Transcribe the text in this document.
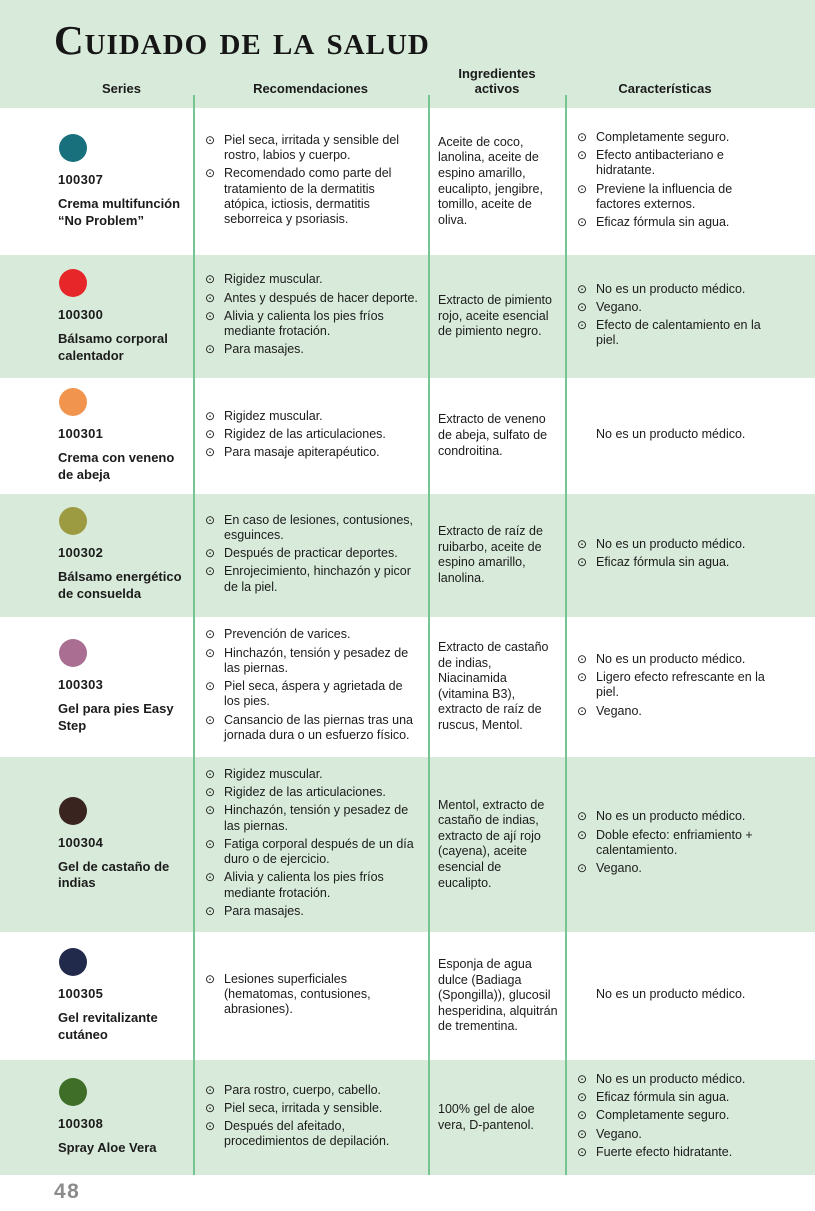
Cuidado de la salud
Series	Recomendaciones
Ingredientes activos	Características
100307
Crema multifunción “No Problem”
⊙ Piel seca, irritada y sensible del rostro, labios y cuerpo.
⊙ Recomendado como parte del tratamiento de la dermatitis atópica, ictiosis, dermatitis seborreica y psoriasis.

Aceite de coco, lanolina, aceite de espino amarillo, eucalipto, jengibre, tomillo, aceite de oliva.

⊙ Completamente seguro.
⊙ Efecto antibacteriano e hidratante.
⊙ Previene la influencia de factores externos.
⊙ Eficaz fórmula sin agua.
100300
Bálsamo corporal calentador
⊙ Rigidez muscular.
⊙ Antes y después de hacer deporte.
⊙ Alivia y calienta los pies fríos mediante frotación.
⊙ Para masajes.

Extracto de pimiento rojo, aceite esencial de pimiento negro.

⊙ No es un producto médico.
⊙ Vegano.
⊙ Efecto de calentamiento en la piel.
100301
Crema con veneno de abeja
⊙ Rigidez muscular.
⊙ Rigidez de las articulaciones.
⊙ Para masaje apiterapéutico.

Extracto de veneno de abeja, sulfato de condroitina.

No es un producto médico.
100302
Bálsamo energético de consuelda
⊙ En caso de lesiones, contusiones, esguinces.
⊙ Después de practicar deportes.
⊙ Enrojecimiento, hinchazón y picor de la piel.

Extracto de raíz de ruibarbo, aceite de espino amarillo, lanolina.

⊙ No es un producto médico.
⊙ Eficaz fórmula sin agua.
100303
Gel para pies Easy Step
⊙ Prevención de varices.
⊙ Hinchazón, tensión y pesadez de las piernas.
⊙ Piel seca, áspera y agrietada de los pies.
⊙ Cansancio de las piernas tras una jornada dura o un esfuerzo físico.

Extracto de castaño de indias, Niacinamida (vitamina B3), extracto de raíz de ruscus, Mentol.

⊙ No es un producto médico.
⊙ Ligero efecto refrescante en la piel.
⊙ Vegano.
100304
Gel de castaño de indias
⊙ Rigidez muscular.
⊙ Rigidez de las articulaciones.
⊙ Hinchazón, tensión y pesadez de las piernas.
⊙ Fatiga corporal después de un día duro o de ejercicio.
⊙ Alivia y calienta los pies fríos mediante frotación.
⊙ Para masajes.

Mentol, extracto de castaño de indias, extracto de ají rojo (cayena), aceite esencial de eucalipto.

⊙ No es un producto médico.
⊙ Doble efecto: enfriamiento + calentamiento.
⊙ Vegano.
100305
Gel revitalizante cutáneo
⊙ Lesiones superficiales (hematomas, contusiones, abrasiones).

Esponja de agua dulce (Badiaga (Spongilla)), glucosil hesperidina, alquitrán de trementina.

No es un producto médico.
100308
Spray Aloe Vera
⊙ Para rostro, cuerpo, cabello.
⊙ Piel seca, irritada y sensible.
⊙ Después del afeitado, procedimientos de depilación.

100% gel de aloe vera, D-pantenol.

⊙ No es un producto médico.
⊙ Eficaz fórmula sin agua.
⊙ Completamente seguro.
⊙ Vegano.
⊙ Fuerte efecto hidratante.
48
